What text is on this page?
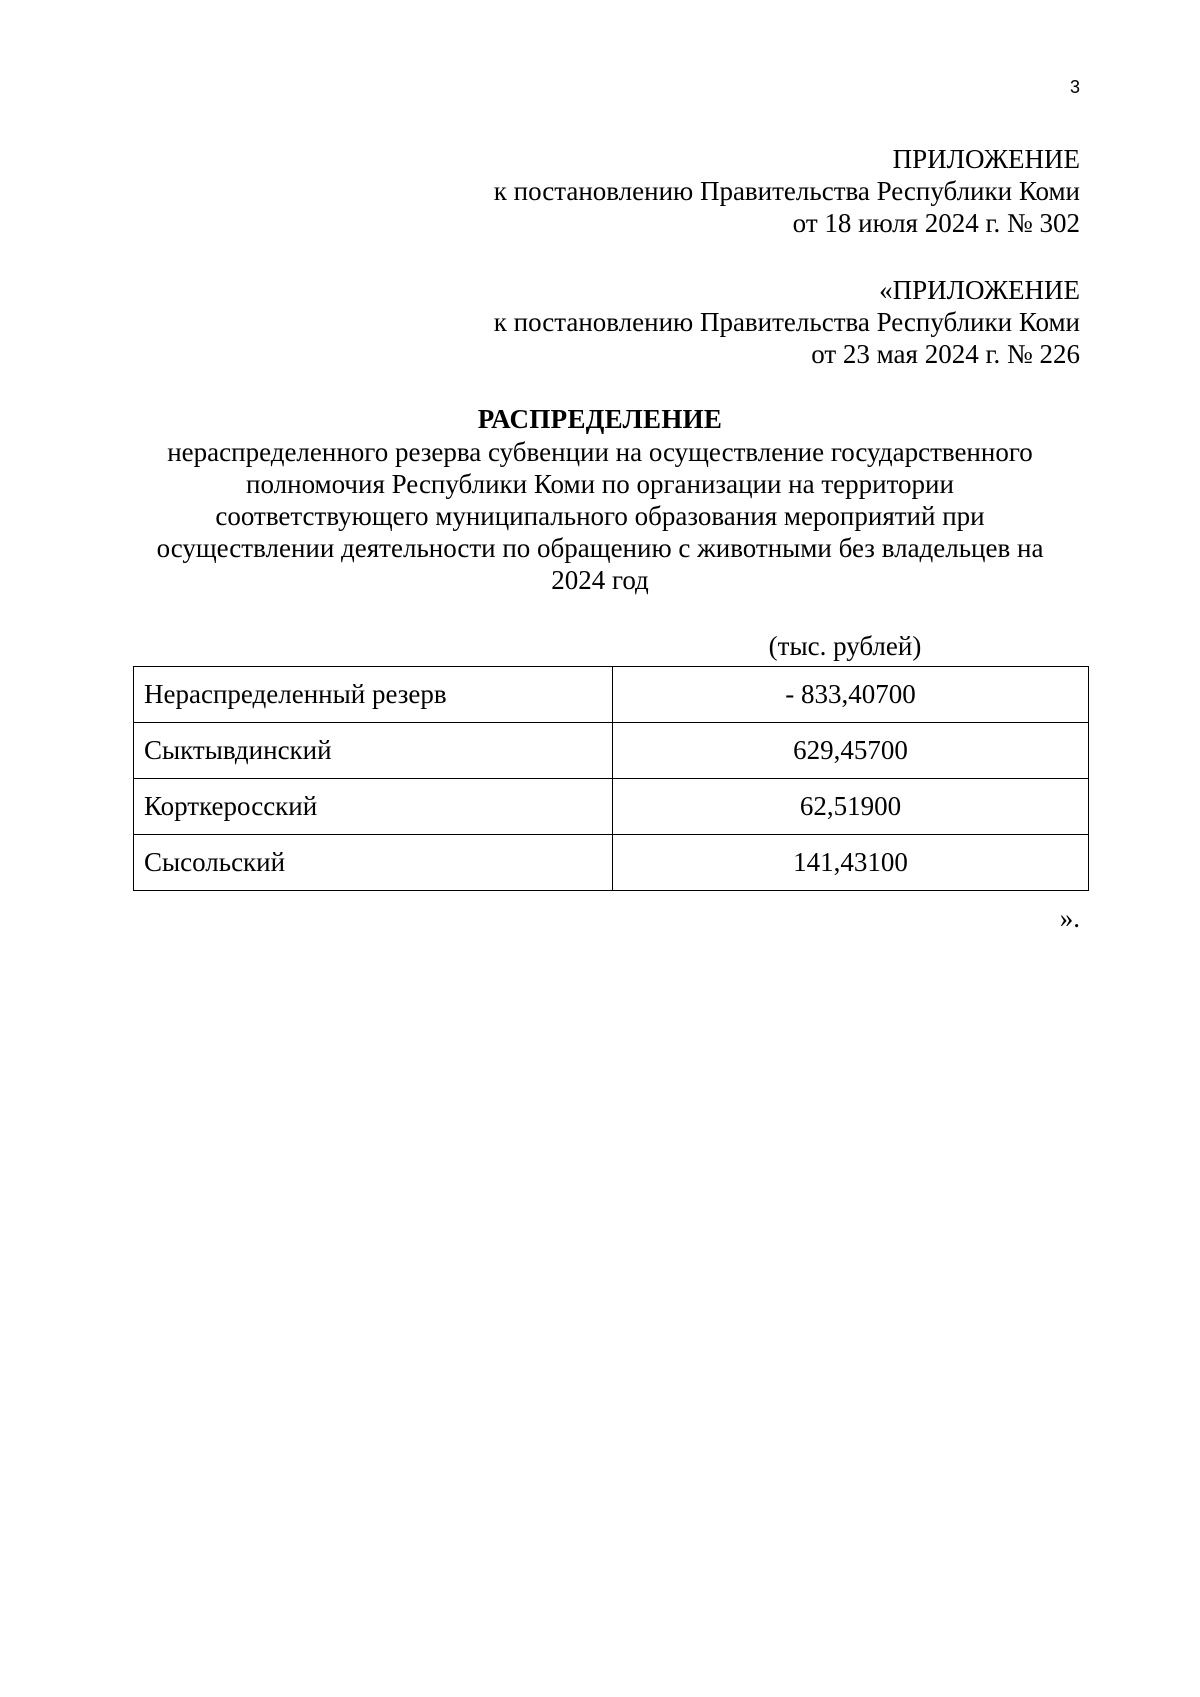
3
ПРИЛОЖЕНИЕ
к постановлению Правительства Республики Коми
от 18 июля 2024 г. № 302
«ПРИЛОЖЕНИЕ
к постановлению Правительства Республики Коми
от 23 мая 2024 г. № 226
РАСПРЕДЕЛЕНИЕ
нераспределенного резерва субвенции на осуществление государственного
полномочия Республики Коми по организации на территории
соответствующего муниципального образования мероприятий при
осуществлении деятельности по обращению с животными без владельцев на
2024 год
(тыс. рублей)
Нераспределенный резерв	- 833,40700
Сыктывдинский	629,45700
Корткеросский	62,51900
Сысольский	141,43100
».
